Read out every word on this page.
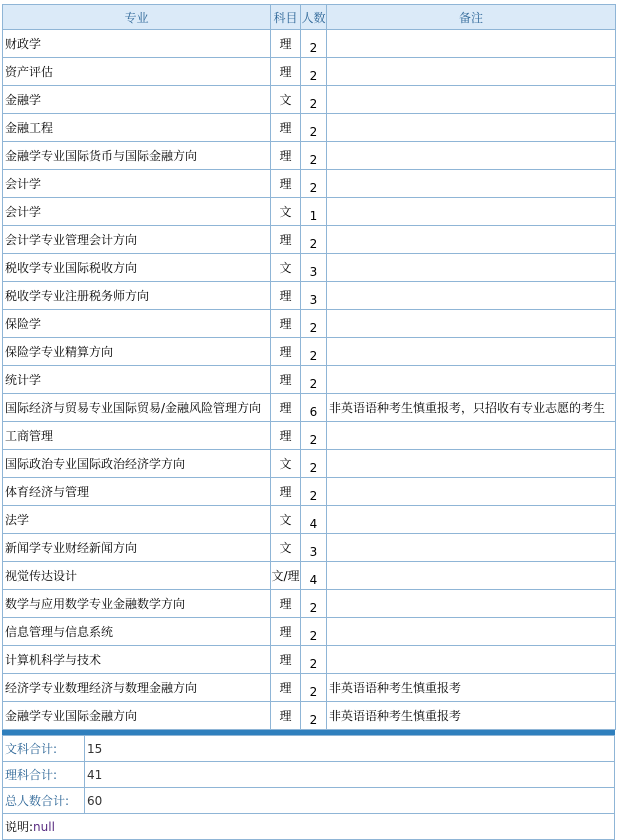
专业	科目	人数	备注
财政学	理	2	
资产评估	理	2	
金融学	文	2	
金融工程	理	2	
金融学专业国际货币与国际金融方向	理	2	
会计学	理	2	
会计学	文	1	
会计学专业管理会计方向	理	2	
税收学专业国际税收方向	文	3	
税收学专业注册税务师方向	理	3	
保险学	理	2	
保险学专业精算方向	理	2	
统计学	理	2	
国际经济与贸易专业国际贸易/金融风险管理方向	理	6	非英语语种考生慎重报考，只招收有专业志愿的考生
工商管理	理	2	
国际政治专业国际政治经济学方向	文	2	
体育经济与管理	理	2	
法学	文	4	
新闻学专业财经新闻方向	文	3	
视觉传达设计	文/理	4	
数学与应用数学专业金融数学方向	理	2	
信息管理与信息系统	理	2	
计算机科学与技术	理	2	
经济学专业数理经济与数理金融方向	理	2	非英语语种考生慎重报考
金融学专业国际金融方向	理	2	非英语语种考生慎重报考
文科合计:	15
理科合计:	41
总人数合计:	60
说明:null	
